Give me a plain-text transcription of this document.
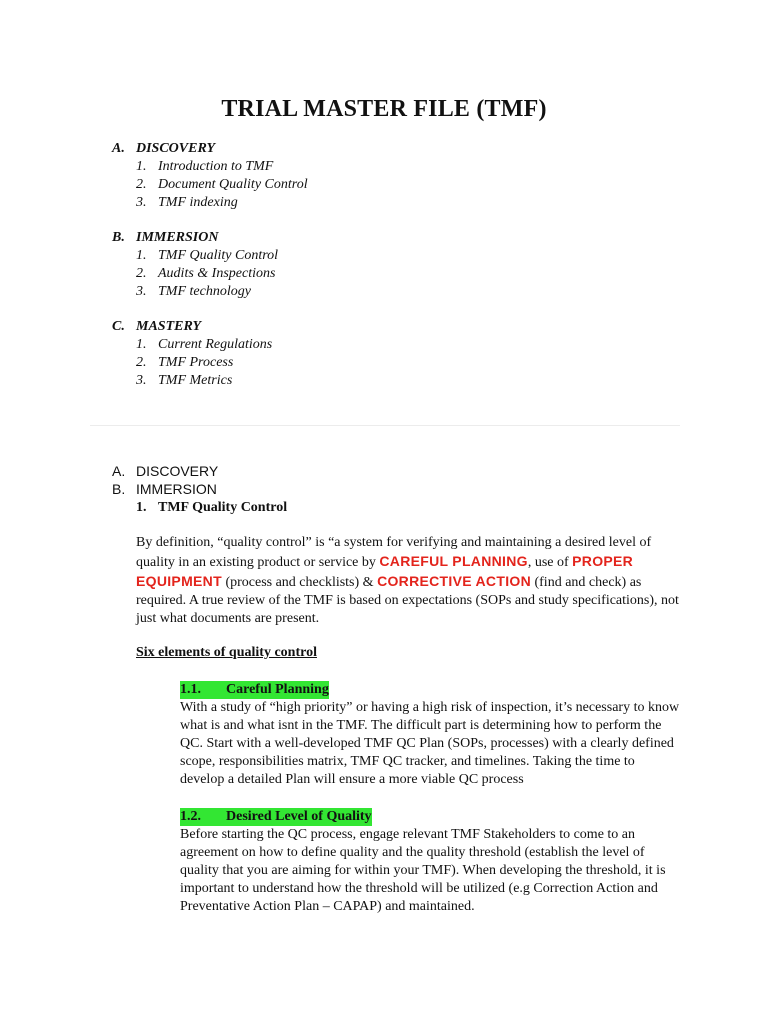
TRIAL MASTER FILE (TMF)
A. DISCOVERY
1. Introduction to TMF
2. Document Quality Control
3. TMF indexing
B. IMMERSION
1. TMF Quality Control
2. Audits & Inspections
3. TMF technology
C. MASTERY
1. Current Regulations
2. TMF Process
3. TMF Metrics
A. DISCOVERY
B. IMMERSION
1. TMF Quality Control

By definition, “quality control” is “a system for verifying and maintaining a desired level of quality in an existing product or service by CAREFUL PLANNING, use of PROPER EQUIPMENT (process and checklists) & CORRECTIVE ACTION (find and check) as required. A true review of the TMF is based on expectations (SOPs and study specifications), not just what documents are present.

Six elements of quality control
1.1. Careful Planning

With a study of “high priority” or having a high risk of inspection, it’s necessary to know what is and what isnt in the TMF. The difficult part is determining how to perform the QC. Start with a well-developed TMF QC Plan (SOPs, processes) with a clearly defined scope, responsibilities matrix, TMF QC tracker, and timelines. Taking the time to develop a detailed Plan will ensure a more viable QC process

1.2. Desired Level of Quality

Before starting the QC process, engage relevant TMF Stakeholders to come to an agreement on how to define quality and the quality threshold (establish the level of quality that you are aiming for within your TMF). When developing the threshold, it is important to understand how the threshold will be utilized (e.g Correction Action and Preventative Action Plan – CAPAP) and maintained.
